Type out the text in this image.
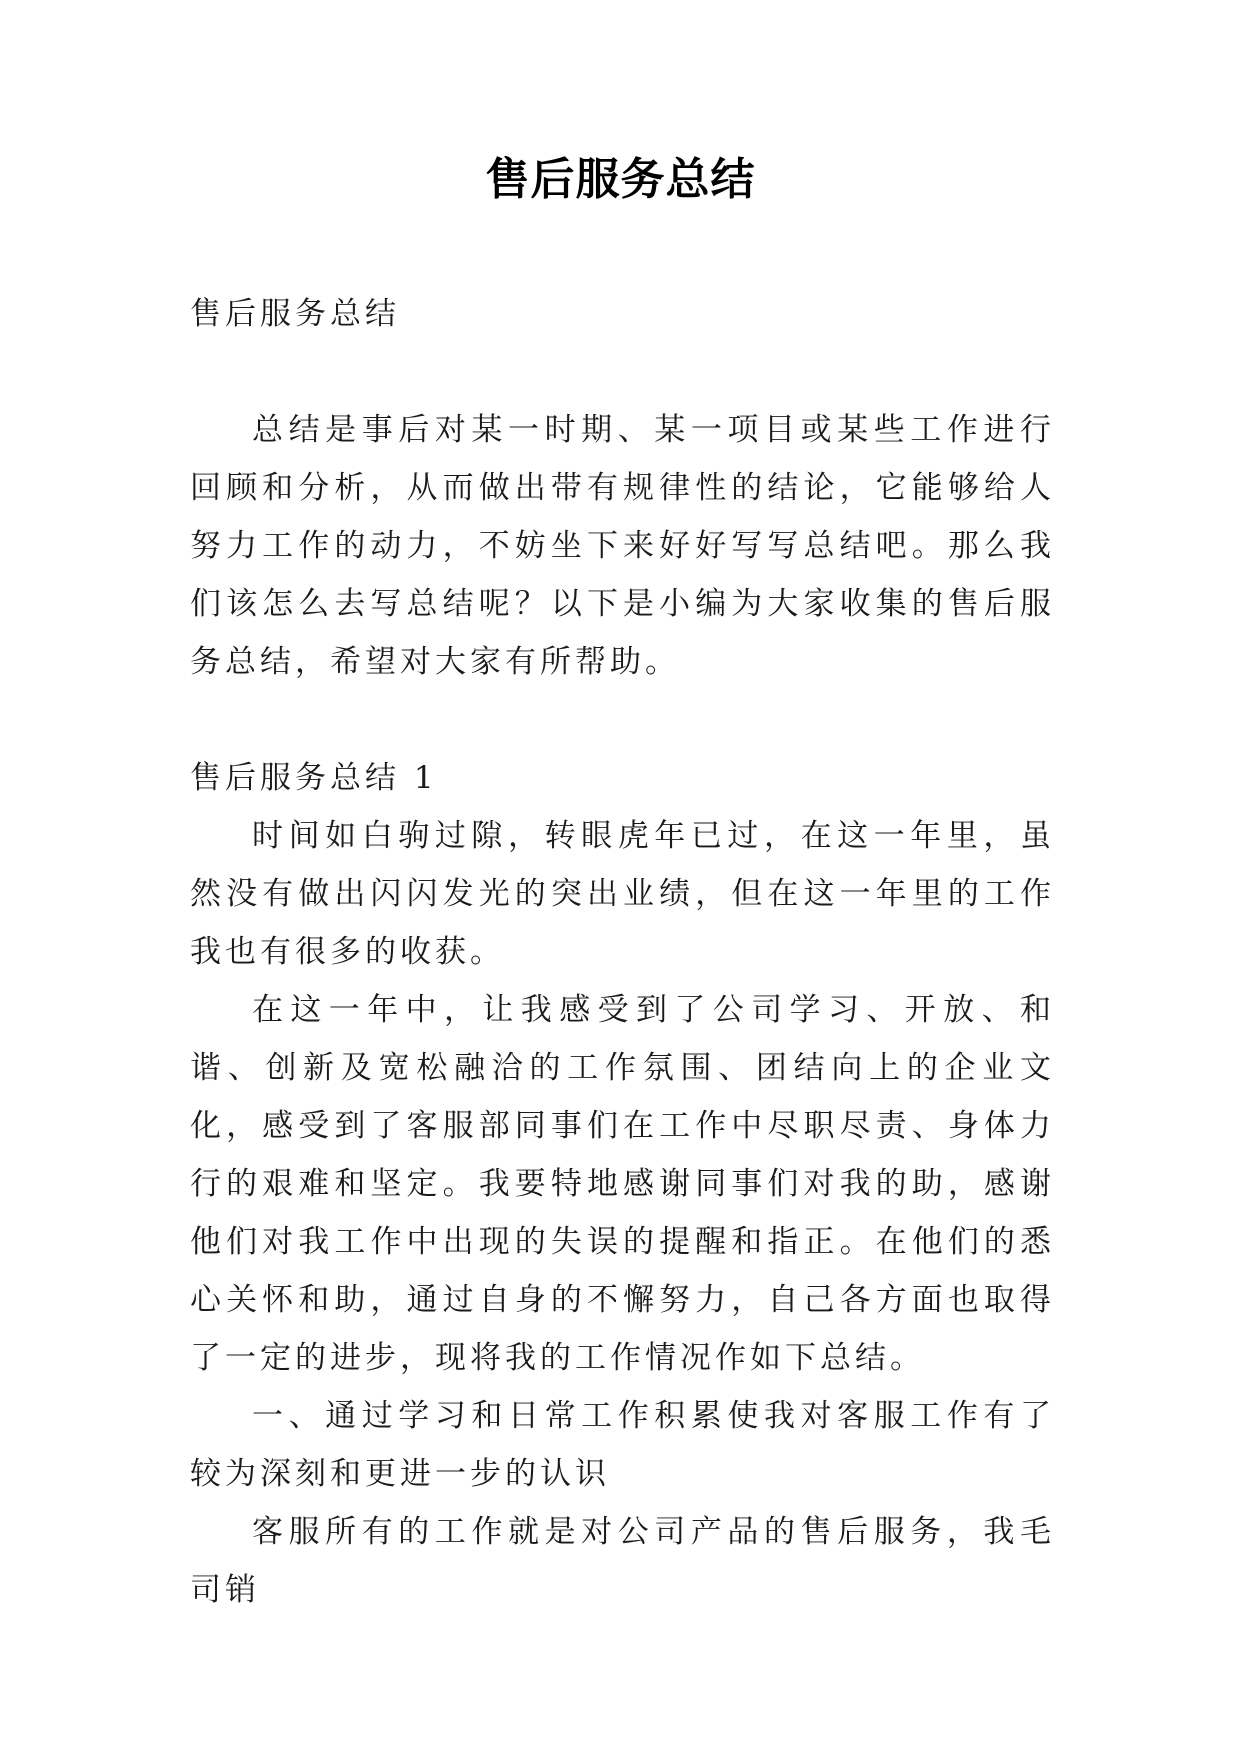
售后服务总结

售后服务总结

总结是事后对某一时期、某一项目或某些工作进行回顾和分析，从而做出带有规律性的结论，它能够给人努力工作的动力，不妨坐下来好好写写总结吧。那么我们该怎么去写总结呢？以下是小编为大家收集的售后服务总结，希望对大家有所帮助。

售后服务总结 1

时间如白驹过隙，转眼虎年已过，在这一年里，虽然没有做出闪闪发光的突出业绩，但在这一年里的工作我也有很多的收获。

在这一年中，让我感受到了公司学习、开放、和谐、创新及宽松融洽的工作氛围、团结向上的企业文化，感受到了客服部同事们在工作中尽职尽责、身体力行的艰难和坚定。我要特地感谢同事们对我的助，感谢他们对我工作中出现的失误的提醒和指正。在他们的悉心关怀和助，通过自身的不懈努力，自己各方面也取得了一定的进步，现将我的工作情况作如下总结。

一、通过学习和日常工作积累使我对客服工作有了较为深刻和更进一步的认识

客服所有的工作就是对公司产品的售后服务，我毛司销
